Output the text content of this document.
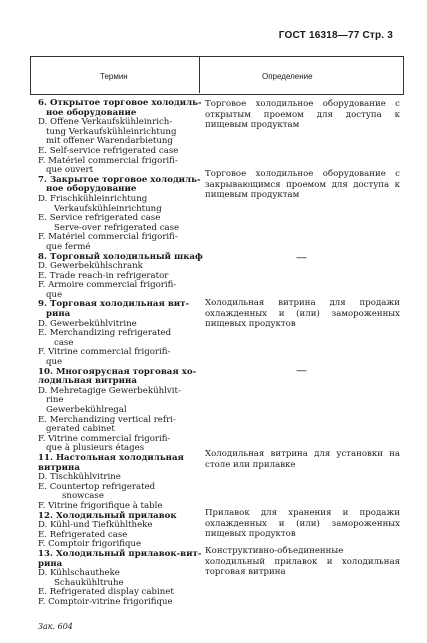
ГОСТ 16318—77 Стр. 3
Термин	Определение
6. Открытое торговое холодиль-
ное оборудование
D. Offene Verkaufskühleinrich-
tung Verkaufskühleinrichtung
mit offener Warendarbietung
E. Self-service refrigerated case
F. Matériel commercial frigorifi-
que ouvert
7. Закрытое торговое холодиль-
ное оборудование
D. Frischkühleinrichtung
Verkaufskühleinrichtung
E. Service refrigerated case
Serve-over refrigerated case
F. Matériel commercial frigorifi-
que fermé
8. Торговый холодильный шкаф
D. Gewerbekühlschrank
E. Trade reach-in refrigerator
F. Armoire commercial frigorifi-
que
9. Торговая холодильная вит-
рина
D. Gewerbekühlvitrine
E. Merchandizing refrigerated
case
F. Vitrine commercial frigorifi-
que
10. Многоярусная торговая хо-
лодильная витрина
D. Mehretagige Gewerbekühlvit-
rine
Gewerbekühlregal
E. Merchandizing vertical refri-
gerated cabinet
F. Vitrine commercial frigorifi-
que à plusieurs étages
11. Настольная холодильная
витрина
D. Tischkühlvitrine
E. Countertop refrigerated
snowcase
F. Vitrine frigorifique à table
12. Холодильный прилавок
D. Kühl-und Tiefkühltheke
E. Refrigerated case
F. Comptoir frigorifique
13. Холодильный прилавок-вит-
рина
D. Kühlschautheke
Schaukühltruhe
E. Refrigerated display cabinet
F. Comptoir-vitrine frigorifique
Торговое холодильное оборудование с открытым проемом для доступа к пищевым продуктам
Торговое холодильное оборудование с закрывающимся проемом для доступа к пищевым продуктам
—
Холодильная витрина для продажи охлажденных и (или) замороженных пищевых продуктов
—
Холодильная витрина для установки на столе или прилавке
Прилавок для хранения и продажи охлажденных и (или) замороженных пищевых продуктов
Конструктивно-объединенные холодильный прилавок и холодильная торговая витрина
Зак. 604
